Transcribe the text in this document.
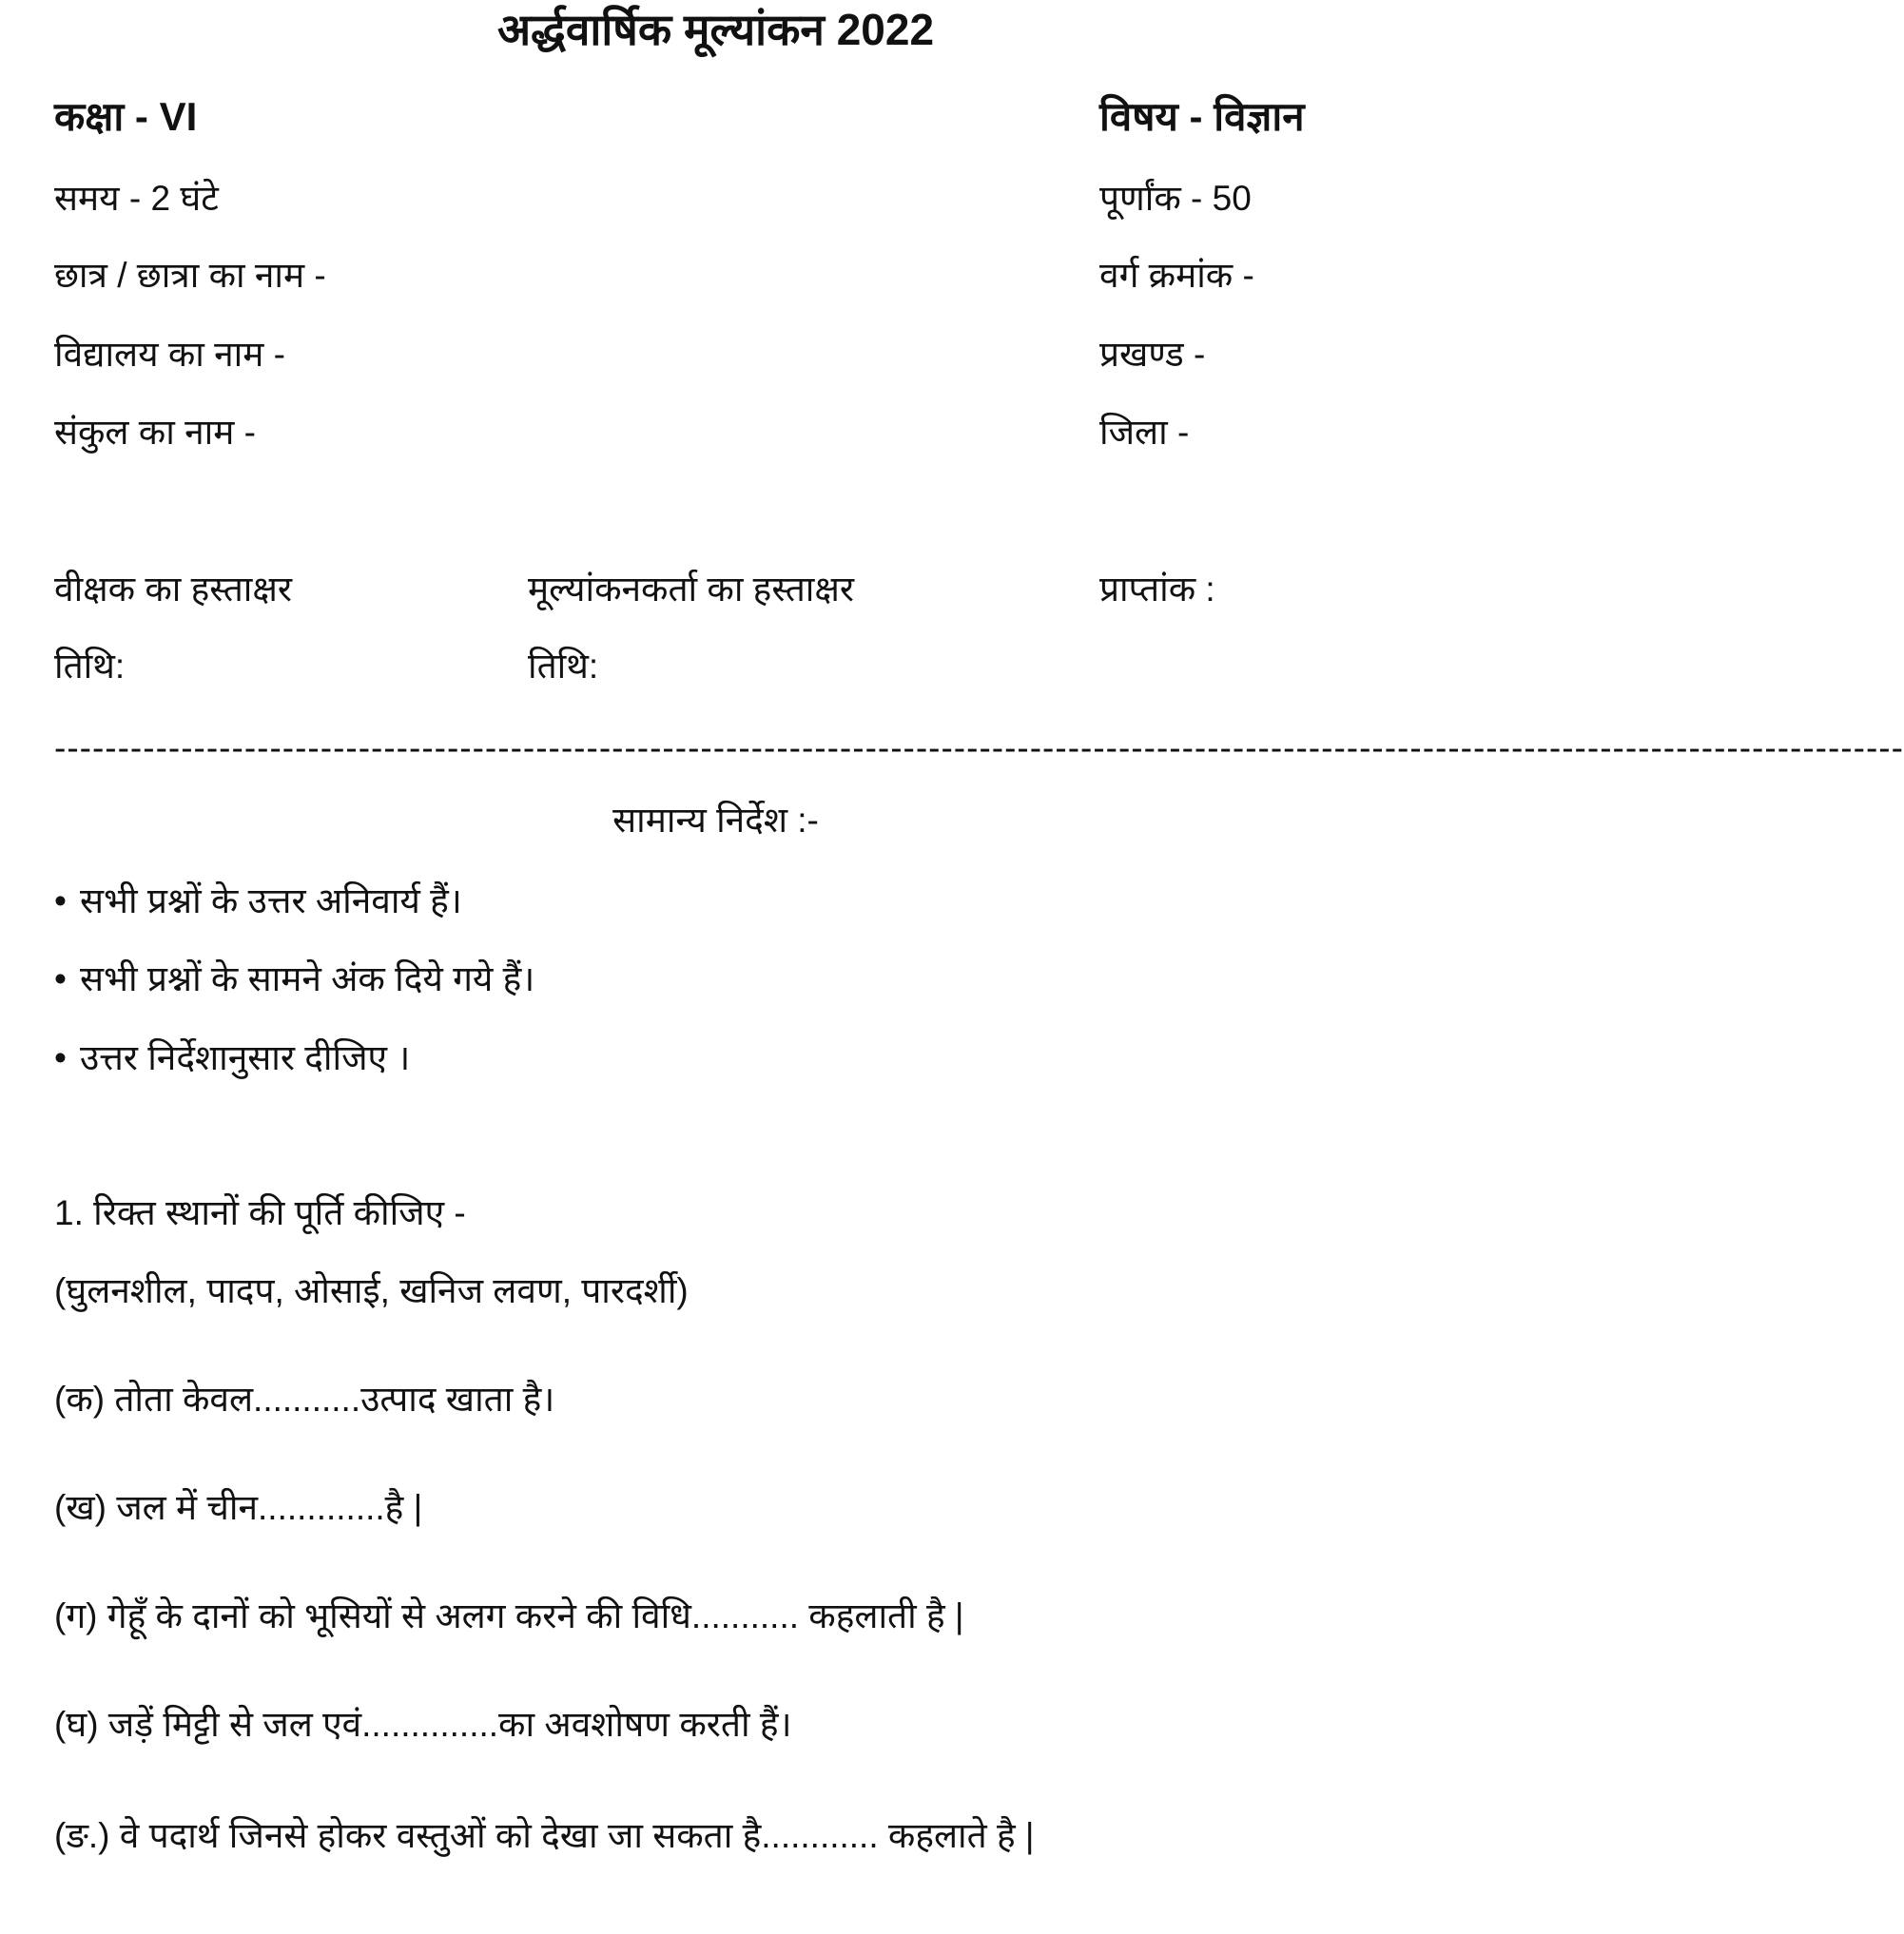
अर्द्धवार्षिक मूल्यांकन 2022
कक्षा - VI	विषय - विज्ञान
समय - 2 घंटे	पूर्णांक - 50
छात्र / छात्रा का नाम -	वर्ग क्रमांक -
विद्यालय का नाम -	प्रखण्ड -
संकुल का नाम -	जिला -
वीक्षक का हस्ताक्षर	मूल्यांकनकर्ता का हस्ताक्षर	प्राप्तांक :
तिथि:	तिथि:
--------------------------------------------------------------------------------------------------------------------------------------------------
सामान्य निर्देश :-
• सभी प्रश्नों के उत्तर अनिवार्य हैं।
• सभी प्रश्नों के सामने अंक दिये गये हैं।
• उत्तर निर्देशानुसार दीजिए ।
1. रिक्त स्थानों की पूर्ति कीजिए -
(घुलनशील, पादप, ओसाई, खनिज लवण, पारदर्शी)
(क) तोता केवल...........उत्पाद खाता है।
(ख) जल में चीन.............है |
(ग) गेहूँ के दानों को भूसियों से अलग करने की विधि........... कहलाती है |
(घ) जड़ें मिट्टी से जल एवं..............का अवशोषण करती हैं।
(ङ.) वे पदार्थ जिनसे होकर वस्तुओं को देखा जा सकता है............ कहलाते है |
